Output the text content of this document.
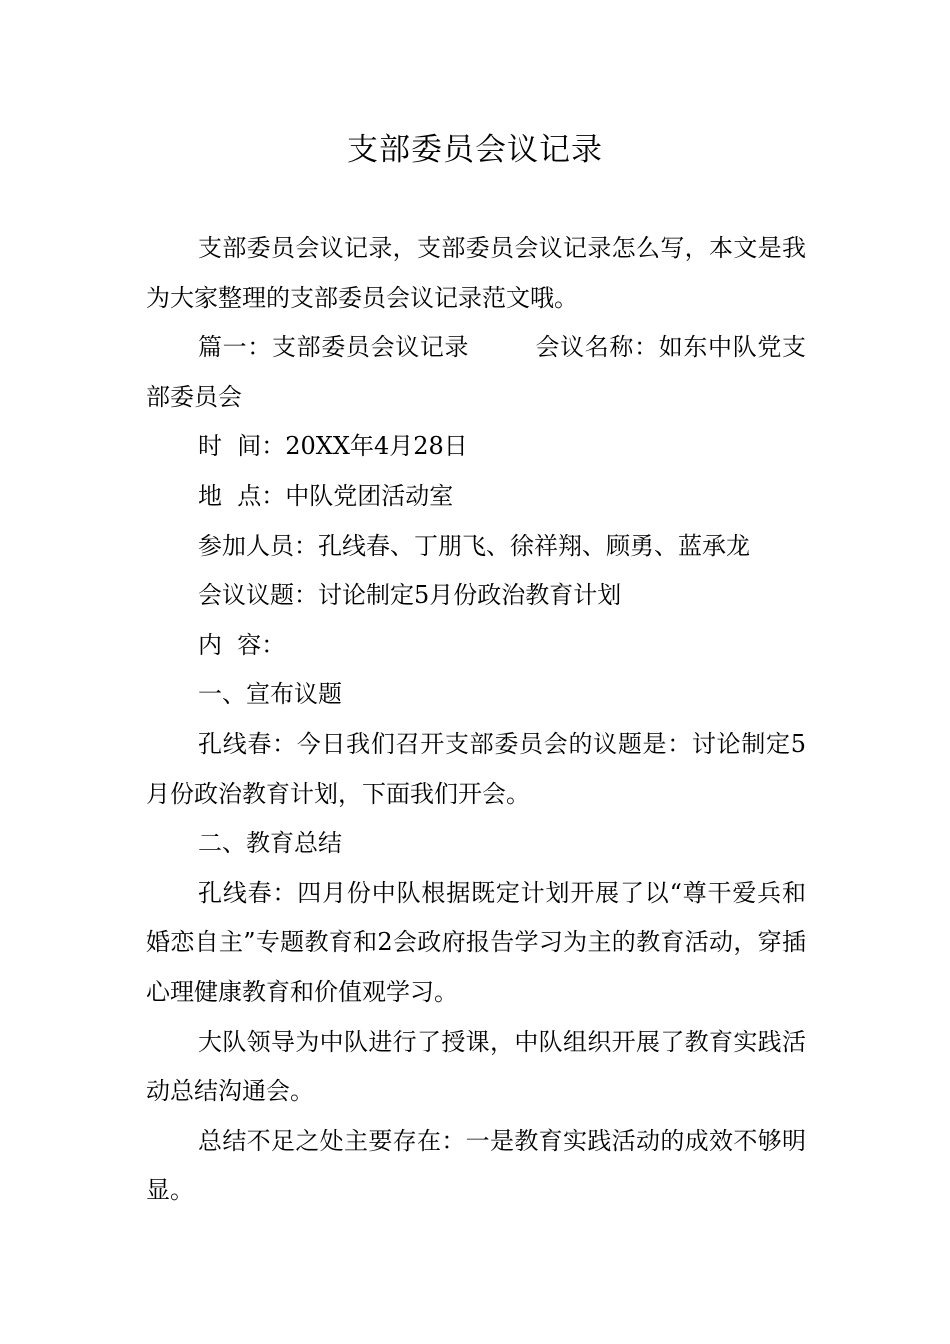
支部委员会议记录

支部委员会议记录，支部委员会议记录怎么写，本文是我为大家整理的支部委员会议记录范文哦。

篇一：支部委员会议记录        会议名称：如东中队党支部委员会

时  间：20XX年4月28日

地  点：中队党团活动室

参加人员：孔线春、丁朋飞、徐祥翔、顾勇、蓝承龙

会议议题：讨论制定5月份政治教育计划

内  容：

一、宣布议题

孔线春：今日我们召开支部委员会的议题是：讨论制定5月份政治教育计划，下面我们开会。

二、教育总结

孔线春：四月份中队根据既定计划开展了以“尊干爱兵和婚恋自主”专题教育和2会政府报告学习为主的教育活动，穿插心理健康教育和价值观学习。

大队领导为中队进行了授课，中队组织开展了教育实践活动总结沟通会。

总结不足之处主要存在：一是教育实践活动的成效不够明显。
